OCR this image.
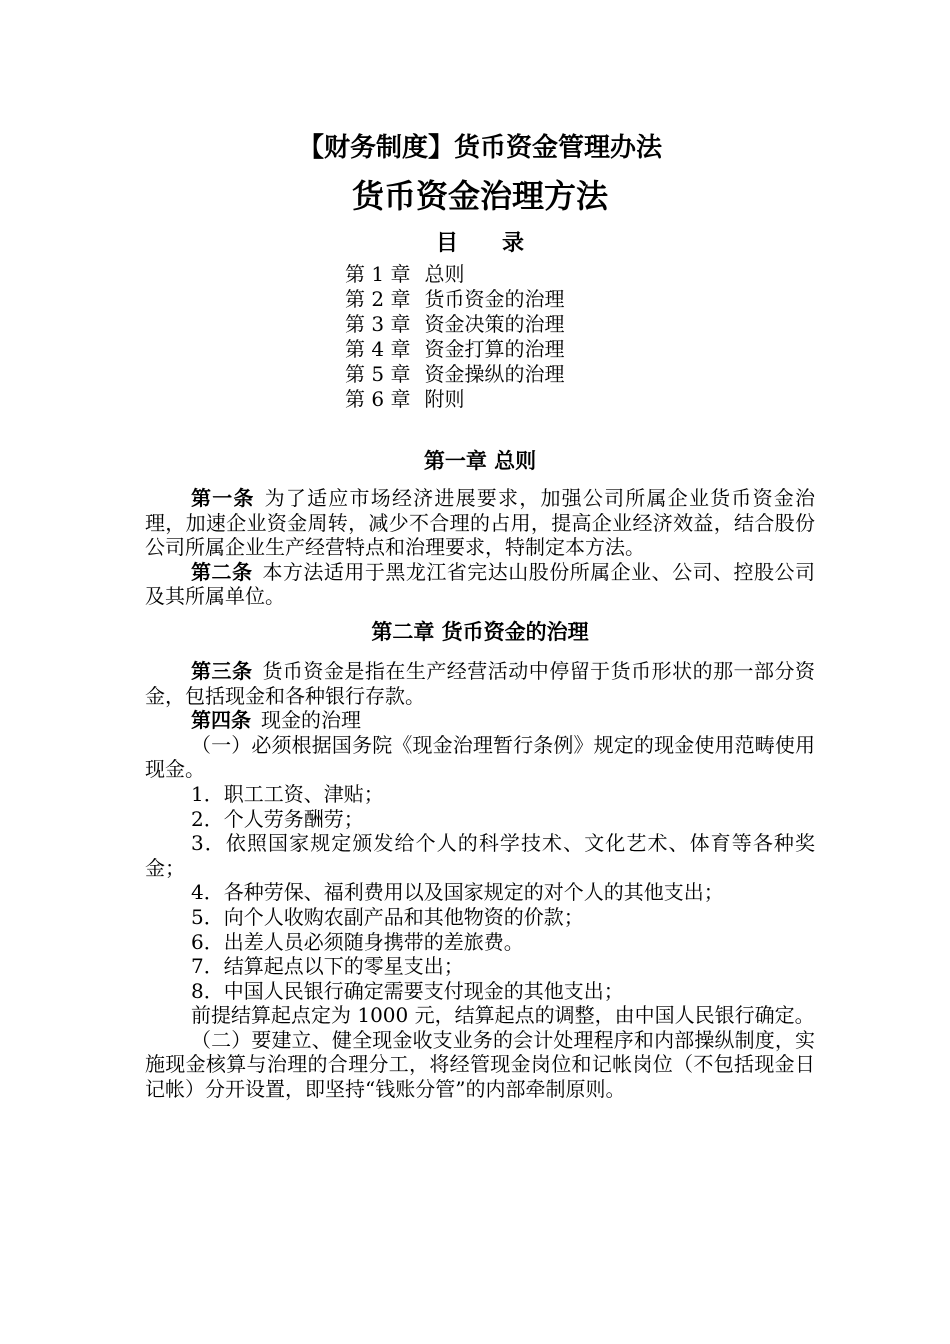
【财务制度】货币资金管理办法
货币资金治理方法
目录
第 1 章 总则
第 2 章 货币资金的治理
第 3 章 资金决策的治理
第 4 章 资金打算的治理
第 5 章 资金操纵的治理
第 6 章 附则
第一章 总则

第一条 为了适应市场经济进展要求，加强公司所属企业货币资金治理，加速企业资金周转，减少不合理的占用，提高企业经济效益，结合股份公司所属企业生产经营特点和治理要求，特制定本方法。

第二条 本方法适用于黑龙江省完达山股份所属企业、公司、控股公司及其所属单位。

第二章 货币资金的治理

第三条 货币资金是指在生产经营活动中停留于货币形状的那一部分资金，包括现金和各种银行存款。

第四条 现金的治理

（一）必须根据国务院《现金治理暂行条例》规定的现金使用范畴使用现金。

1．职工工资、津贴；

2．个人劳务酬劳；

3．依照国家规定颁发给个人的科学技术、文化艺术、体育等各种奖金；

4．各种劳保、福利费用以及国家规定的对个人的其他支出；

5．向个人收购农副产品和其他物资的价款；

6．出差人员必须随身携带的差旅费。

7．结算起点以下的零星支出；

8．中国人民银行确定需要支付现金的其他支出；

前提结算起点定为 1000 元，结算起点的调整，由中国人民银行确定。

（二）要建立、健全现金收支业务的会计处理程序和内部操纵制度，实施现金核算与治理的合理分工，将经管现金岗位和记帐岗位（不包括现金日记帐）分开设置，即坚持“钱账分管”的内部牵制原则。
